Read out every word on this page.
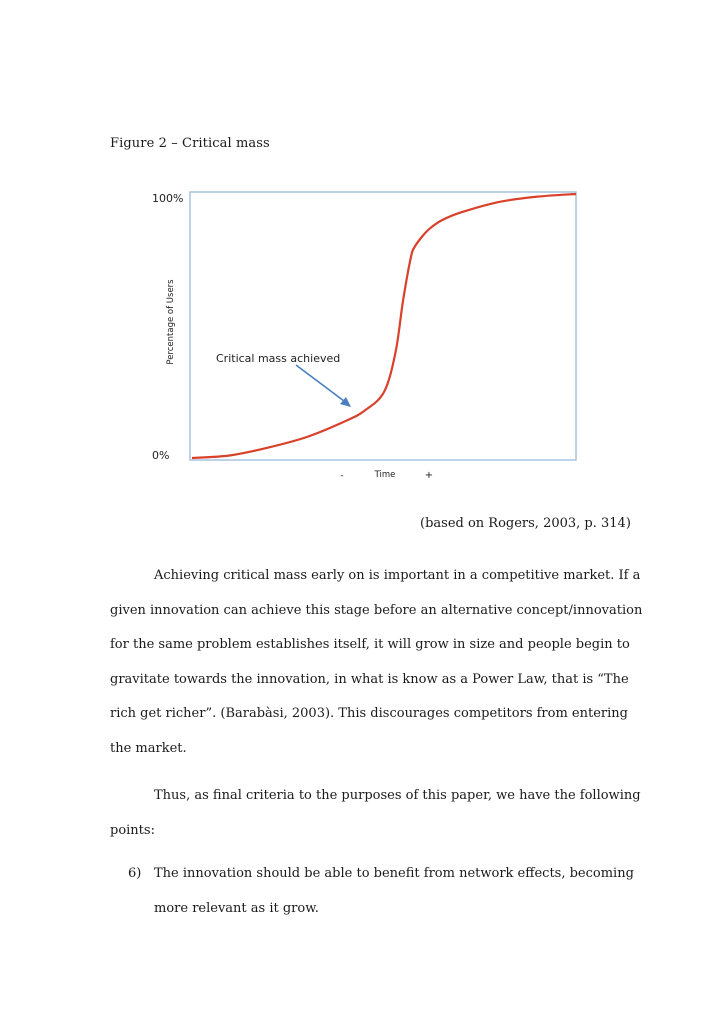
Figure 2 – Critical mass
100%
0%
Percentage of Users
-	Time	+
Critical mass achieved
(based on Rogers, 2003, p. 314)

Achieving critical mass early on is important in a competitive market. If a
given innovation can achieve this stage before an alternative concept/innovation
for the same problem establishes itself, it will grow in size and people begin to
gravitate towards the innovation, in what is know as a Power Law, that is “The
rich get richer”. (Barabàsi, 2003). This discourages competitors from entering
the market.

Thus, as final criteria to the purposes of this paper, we have the following
points:

6) The innovation should be able to benefit from network effects, becoming
more relevant as it grow.
